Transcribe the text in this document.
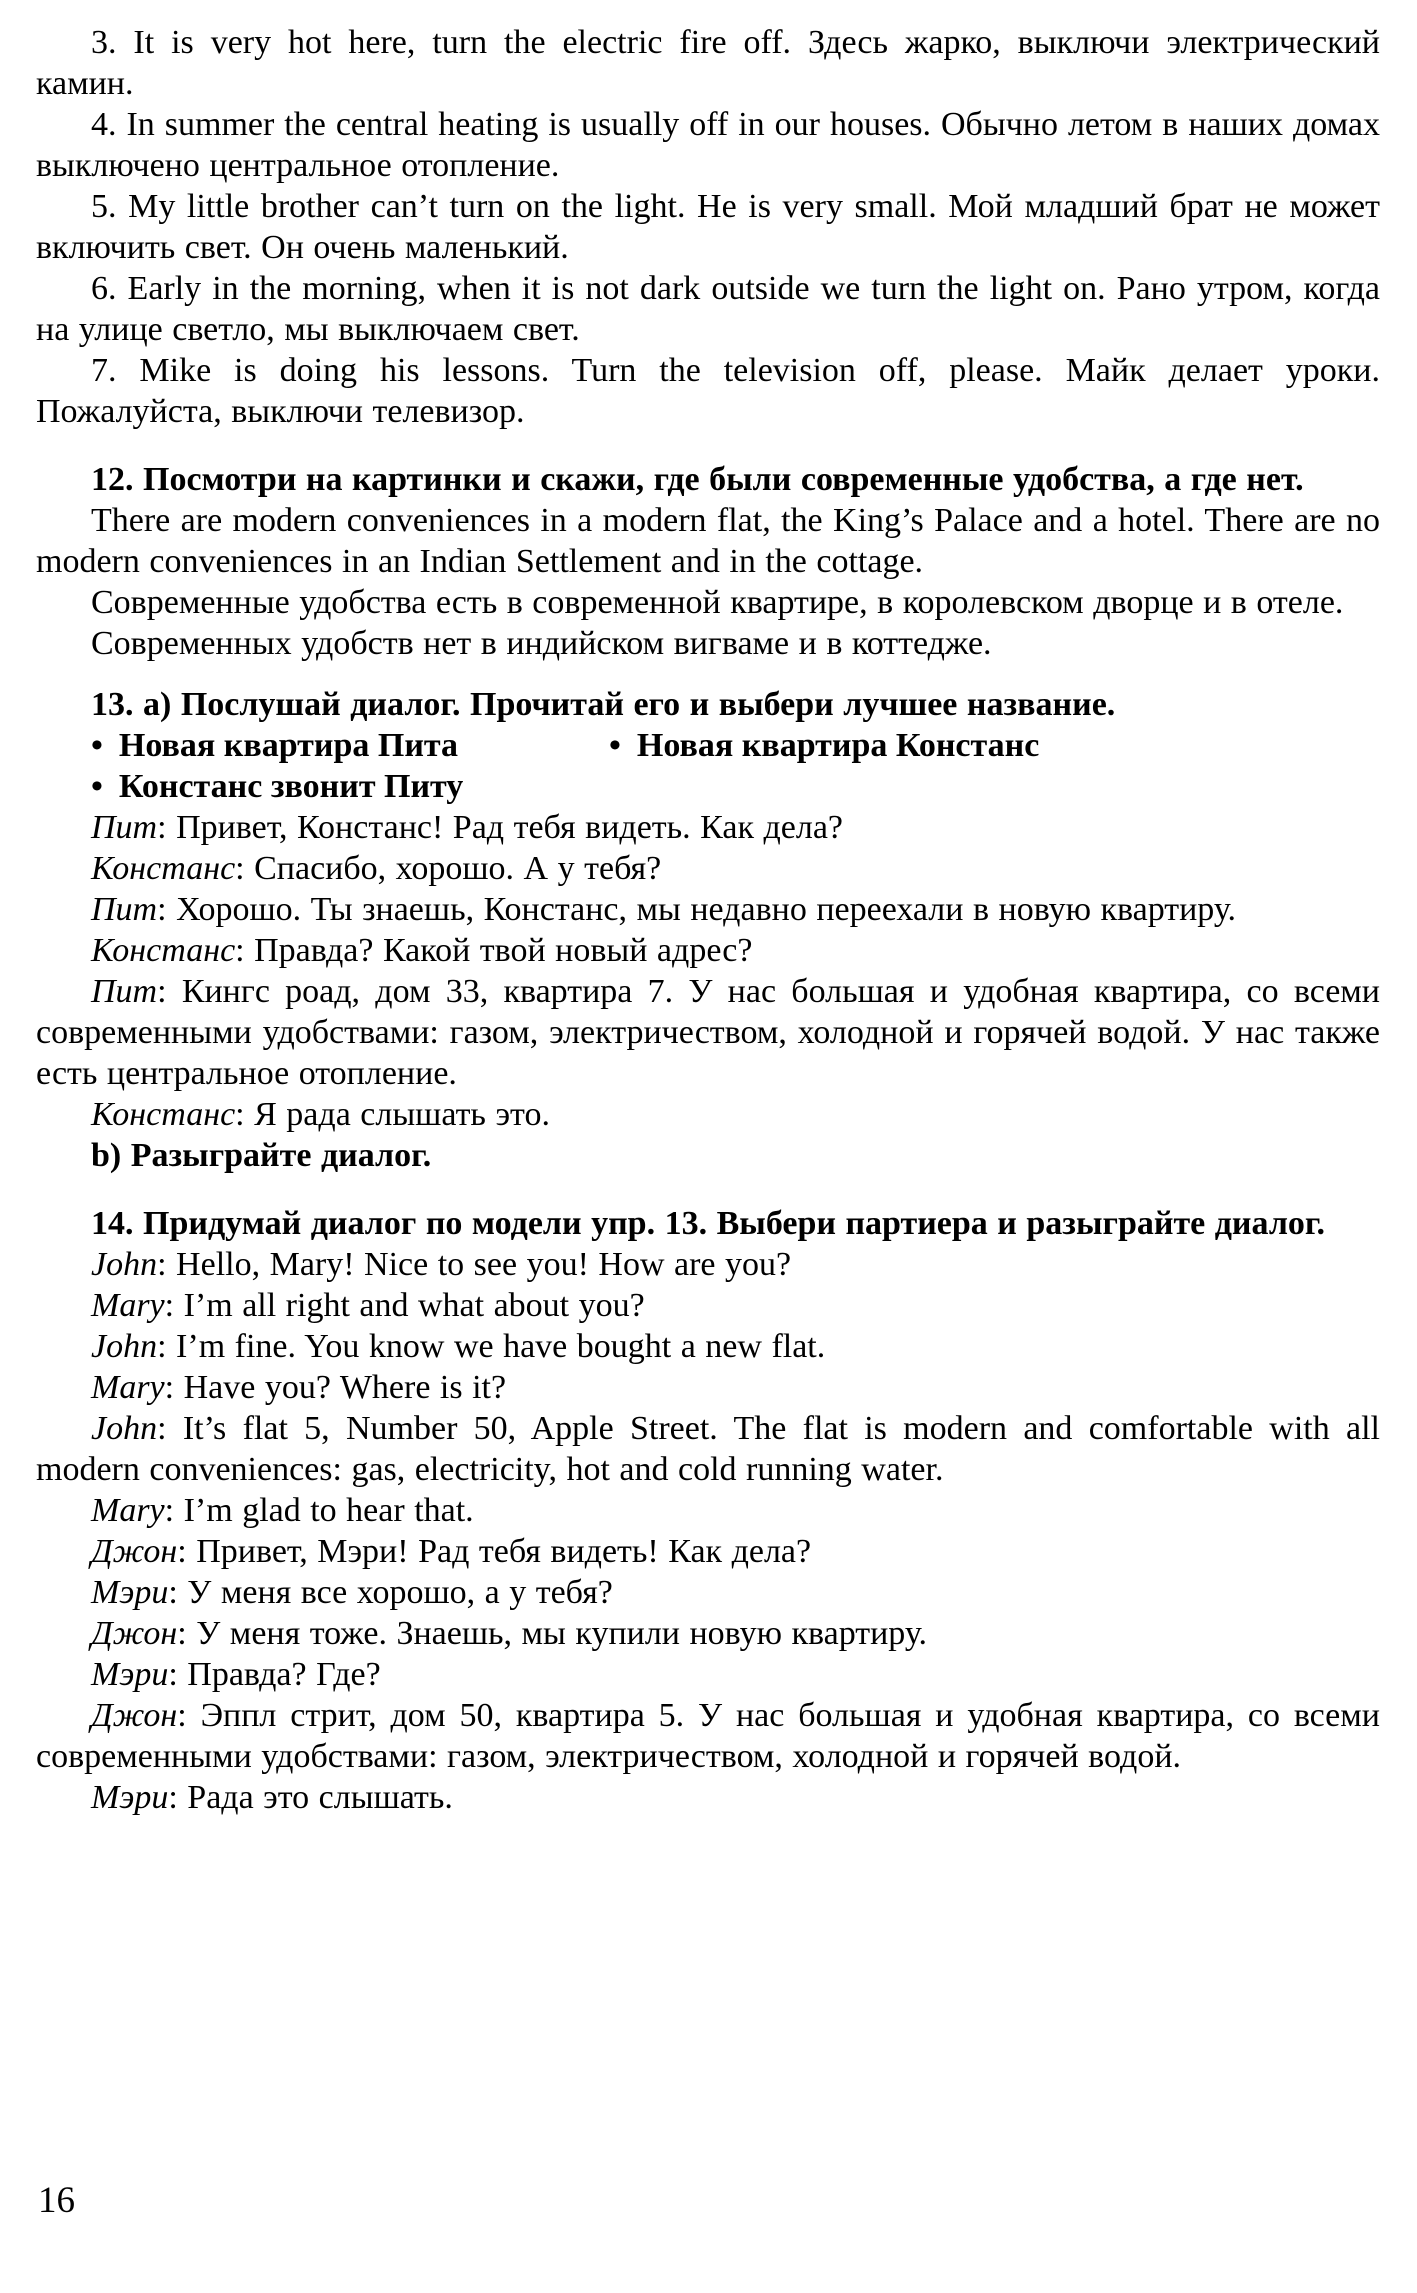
3. It is very hot here, turn the electric fire off. Здесь жарко, выключи электрический камин.

4. In summer the central heating is usually off in our houses. Обычно летом в наших домах выключено центральное отопление.

5. My little brother can’t turn on the light. He is very small. Мой младший брат не может включить свет. Он очень маленький.

6. Early in the morning, when it is not dark outside we turn the light on. Рано утром, когда на улице светло, мы выключаем свет.

7. Mike is doing his lessons. Turn the television off, please. Майк делает уроки. Пожалуйста, выключи телевизор.

12. Посмотри на картинки и скажи, где были современные удобства, а где нет.

There are modern conveniences in a modern flat, the King’s Palace and a hotel. There are no modern conveniences in an Indian Settlement and in the cottage.

Современные удобства есть в современной квартире, в королевском дворце и в отеле.

Современных удобств нет в индийском вигваме и в коттедже.

13. а) Послушай диалог. Прочитай его и выбери лучшее название.

• Новая квартира Пита	• Новая квартира Констанс
• Констанс звонит Питу

Пит: Привет, Констанс! Рад тебя видеть. Как дела?

Констанс: Спасибо, хорошо. А у тебя?

Пит: Хорошо. Ты знаешь, Констанс, мы недавно переехали в новую квартиру.

Констанс: Правда? Какой твой новый адрес?

Пит: Кингс роад, дом 33, квартира 7. У нас большая и удобная квартира, со всеми современными удобствами: газом, электричеством, холодной и горячей водой. У нас также есть центральное отопление.

Констанс: Я рада слышать это.

b) Разыграйте диалог.

14. Придумай диалог по модели упр. 13. Выбери партиера и разыграйте диалог.

John: Hello, Mary! Nice to see you! How are you?

Mary: I’m all right and what about you?

John: I’m fine. You know we have bought a new flat.

Mary: Have you? Where is it?

John: It’s flat 5, Number 50, Apple Street. The flat is modern and comfortable with all modern conveniences: gas, electricity, hot and cold running water.

Mary: I’m glad to hear that.

Джон: Привет, Мэри! Рад тебя видеть! Как дела?

Мэри: У меня все хорошо, а у тебя?

Джон: У меня тоже. Знаешь, мы купили новую квартиру.

Мэри: Правда? Где?

Джон: Эппл стрит, дом 50, квартира 5. У нас большая и удобная квартира, со всеми современными удобствами: газом, электричеством, холодной и горячей водой.

Мэри: Рада это слышать.

16
